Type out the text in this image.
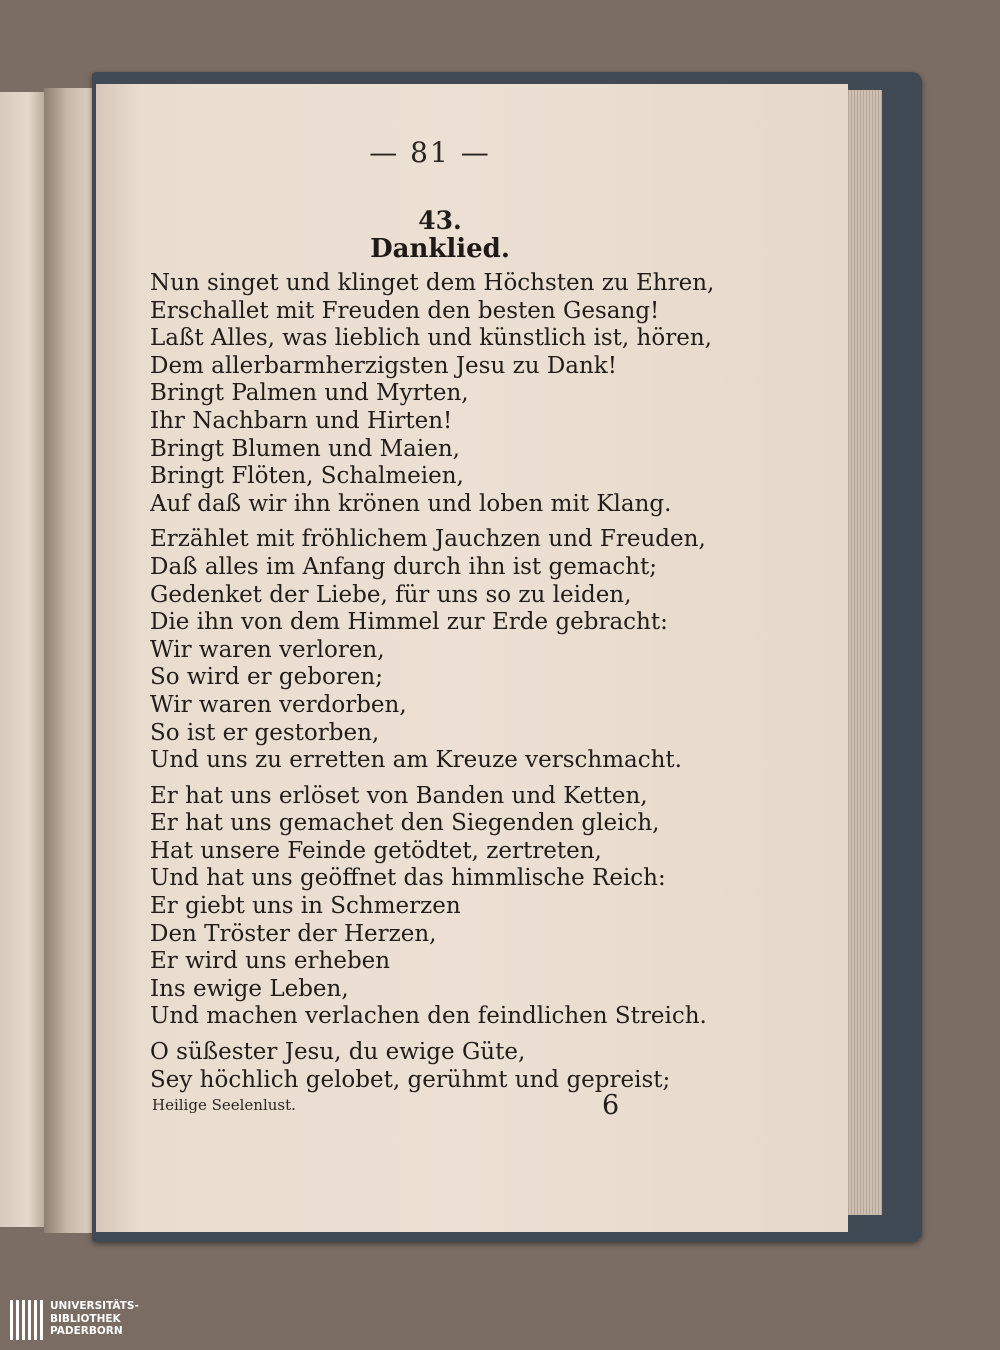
— 81 —
43.
Danklied.
Nun singet und klinget dem Höchsten zu Ehren,
Erschallet mit Freuden den besten Gesang!
Laßt Alles, was lieblich und künstlich ist, hören,
Dem allerbarmherzigsten Jesu zu Dank!
Bringt Palmen und Myrten,
Ihr Nachbarn und Hirten!
Bringt Blumen und Maien,
Bringt Flöten, Schalmeien,
Auf daß wir ihn krönen und loben mit Klang.
Erzählet mit fröhlichem Jauchzen und Freuden,
Daß alles im Anfang durch ihn ist gemacht;
Gedenket der Liebe, für uns so zu leiden,
Die ihn von dem Himmel zur Erde gebracht:
Wir waren verloren,
So wird er geboren;
Wir waren verdorben,
So ist er gestorben,
Und uns zu erretten am Kreuze verschmacht.
Er hat uns erlöset von Banden und Ketten,
Er hat uns gemachet den Siegenden gleich,
Hat unsere Feinde getödtet, zertreten,
Und hat uns geöffnet das himmlische Reich:
Er giebt uns in Schmerzen
Den Tröster der Herzen,
Er wird uns erheben
Ins ewige Leben,
Und machen verlachen den feindlichen Streich.
O süßester Jesu, du ewige Güte,
Sey höchlich gelobet, gerühmt und gepreist;
Heilige Seelenlust.	6
UNIVERSITÄTS-
BIBLIOTHEK
PADERBORN
